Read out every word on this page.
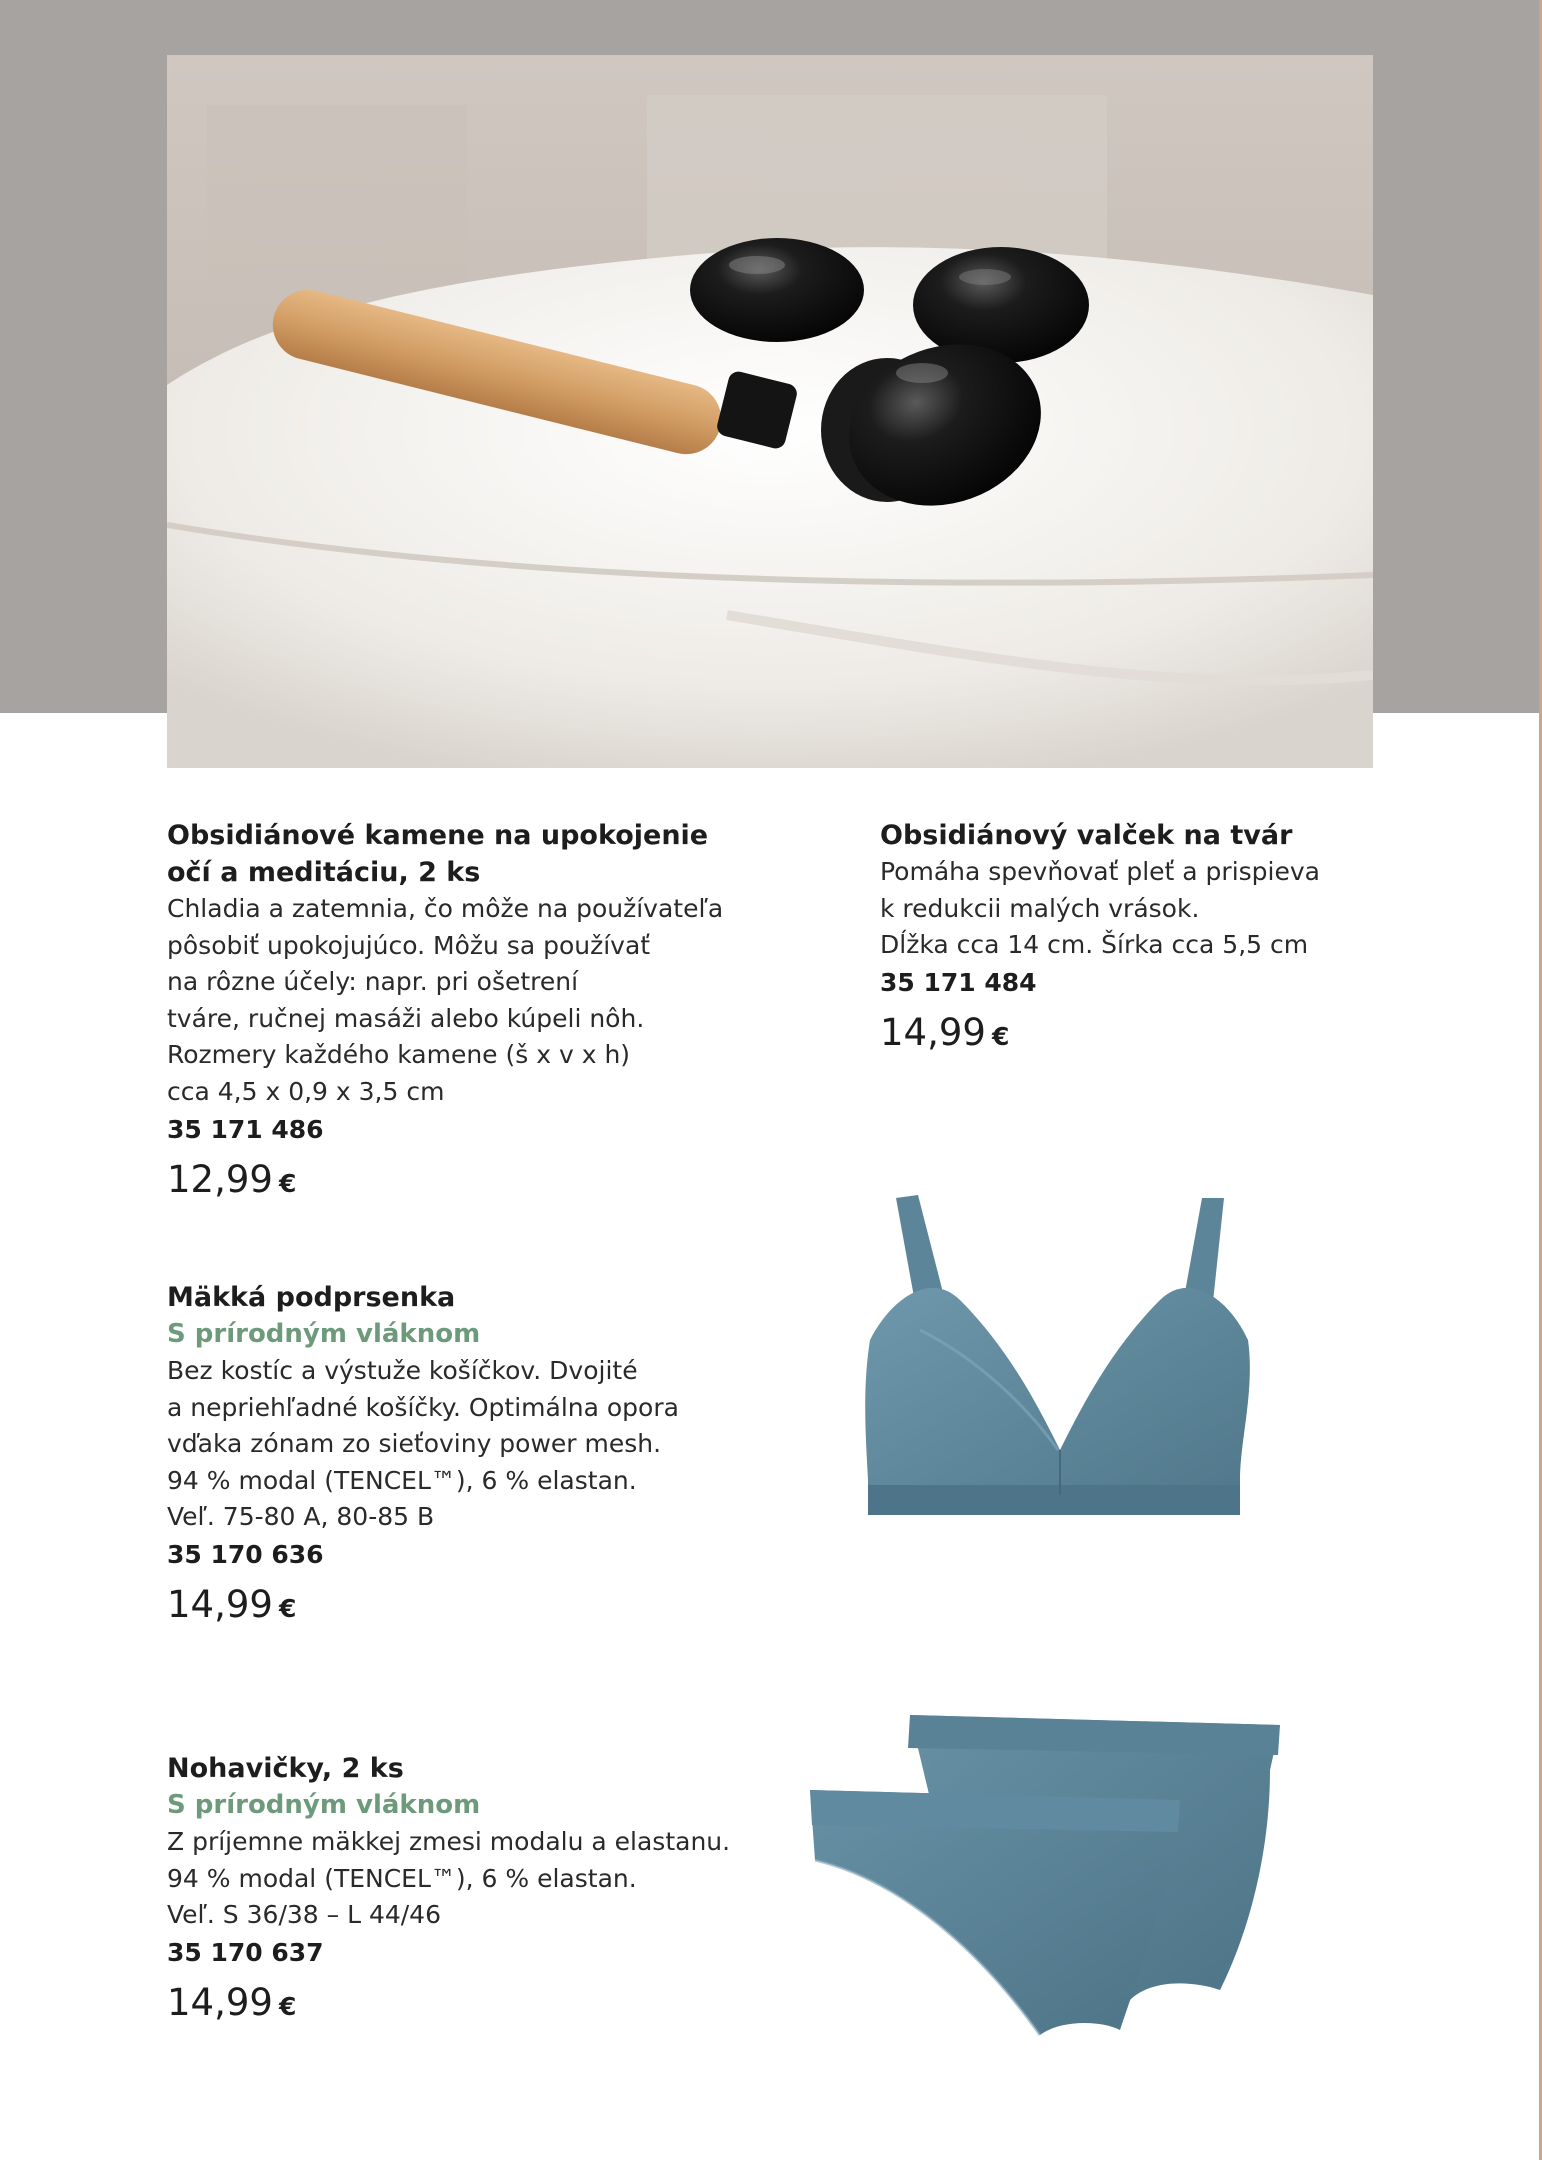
Obsidiánové kamene na upokojenie
očí a meditáciu, 2 ks
Chladia a zatemnia, čo môže na používateľa
pôsobiť upokojujúco. Môžu sa používať
na rôzne účely: napr. pri ošetrení
tváre, ručnej masáži alebo kúpeli nôh.
Rozmery každého kamene (š x v x h)
cca 4,5 x 0,9 x 3,5 cm
35 171 486
12,99 €
Obsidiánový valček na tvár
Pomáha spevňovať pleť a prispieva
k redukcii malých vrások.
Dĺžka cca 14 cm. Šírka cca 5,5 cm
35 171 484
14,99 €
Mäkká podprsenka
S prírodným vláknom
Bez kostíc a výstuže košíčkov. Dvojité
a nepriehľadné košíčky. Optimálna opora
vďaka zónam zo sieťoviny power mesh.
94 % modal (TENCEL™), 6 % elastan.
Veľ. 75-80 A, 80-85 B
35 170 636
14,99 €
Nohavičky, 2 ks
S prírodným vláknom
Z príjemne mäkkej zmesi modalu a elastanu.
94 % modal (TENCEL™), 6 % elastan.
Veľ. S 36/38 – L 44/46
35 170 637
14,99 €
